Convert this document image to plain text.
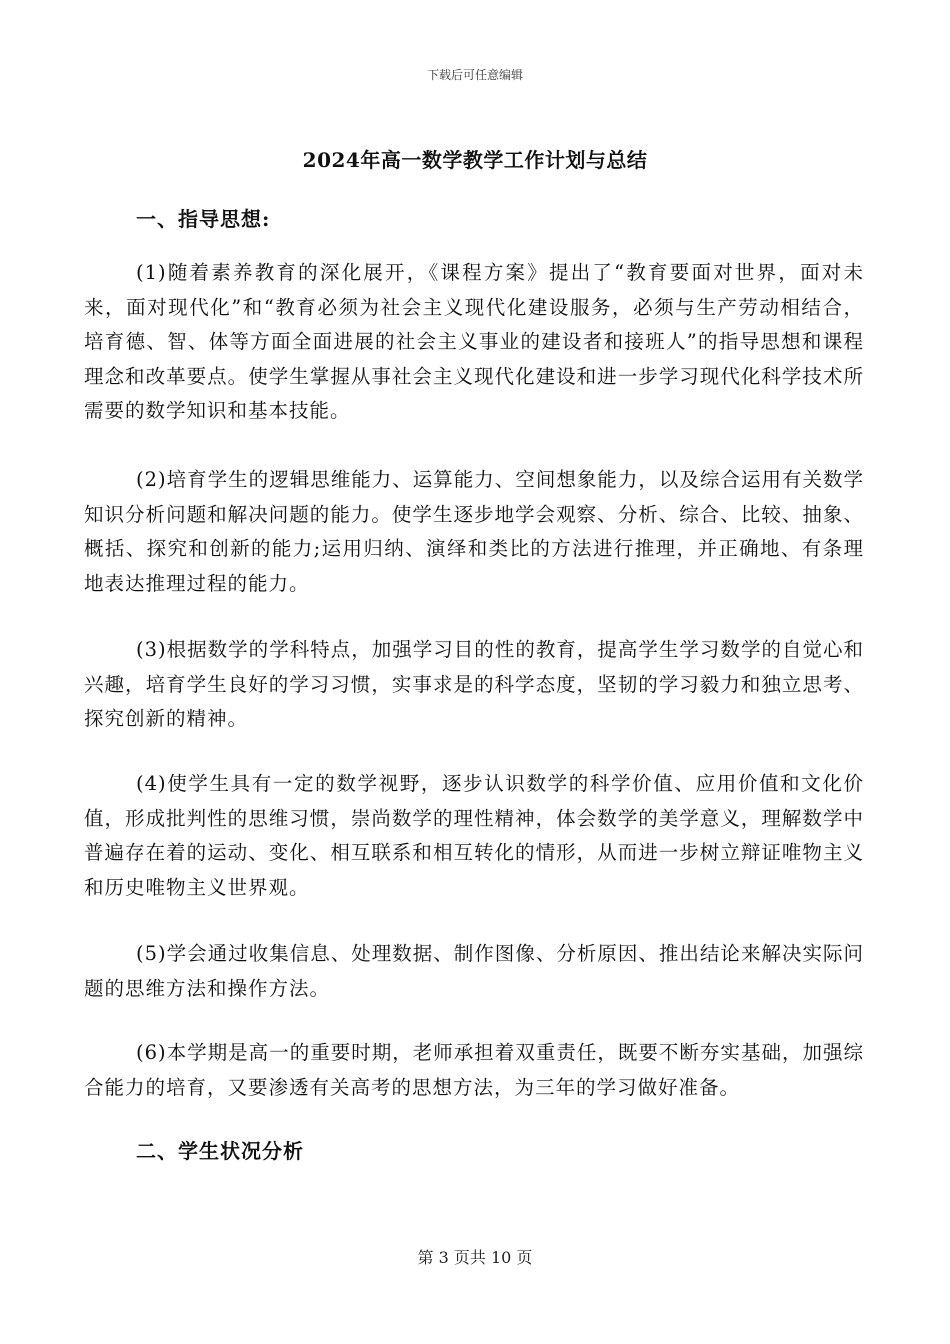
下载后可任意编辑
2024年高一数学教学工作计划与总结
一、指导思想:

(1)随着素养教育的深化展开，《课程方案》提出了“教育要面对世界，面对未来，面对现代化”和“教育必须为社会主义现代化建设服务，必须与生产劳动相结合，培育德、智、体等方面全面进展的社会主义事业的建设者和接班人”的指导思想和课程理念和改革要点。使学生掌握从事社会主义现代化建设和进一步学习现代化科学技术所需要的数学知识和基本技能。

(2)培育学生的逻辑思维能力、运算能力、空间想象能力，以及综合运用有关数学知识分析问题和解决问题的能力。使学生逐步地学会观察、分析、综合、比较、抽象、概括、探究和创新的能力;运用归纳、演绎和类比的方法进行推理，并正确地、有条理地表达推理过程的能力。

(3)根据数学的学科特点，加强学习目的性的教育，提高学生学习数学的自觉心和兴趣，培育学生良好的学习习惯，实事求是的科学态度，坚韧的学习毅力和独立思考、探究创新的精神。

(4)使学生具有一定的数学视野，逐步认识数学的科学价值、应用价值和文化价值，形成批判性的思维习惯，崇尚数学的理性精神，体会数学的美学意义，理解数学中普遍存在着的运动、变化、相互联系和相互转化的情形，从而进一步树立辩证唯物主义和历史唯物主义世界观。

(5)学会通过收集信息、处理数据、制作图像、分析原因、推出结论来解决实际问题的思维方法和操作方法。

(6)本学期是高一的重要时期，老师承担着双重责任，既要不断夯实基础，加强综合能力的培育，又要渗透有关高考的思想方法，为三年的学习做好准备。

二、学生状况分析
第 3 页共 10 页
